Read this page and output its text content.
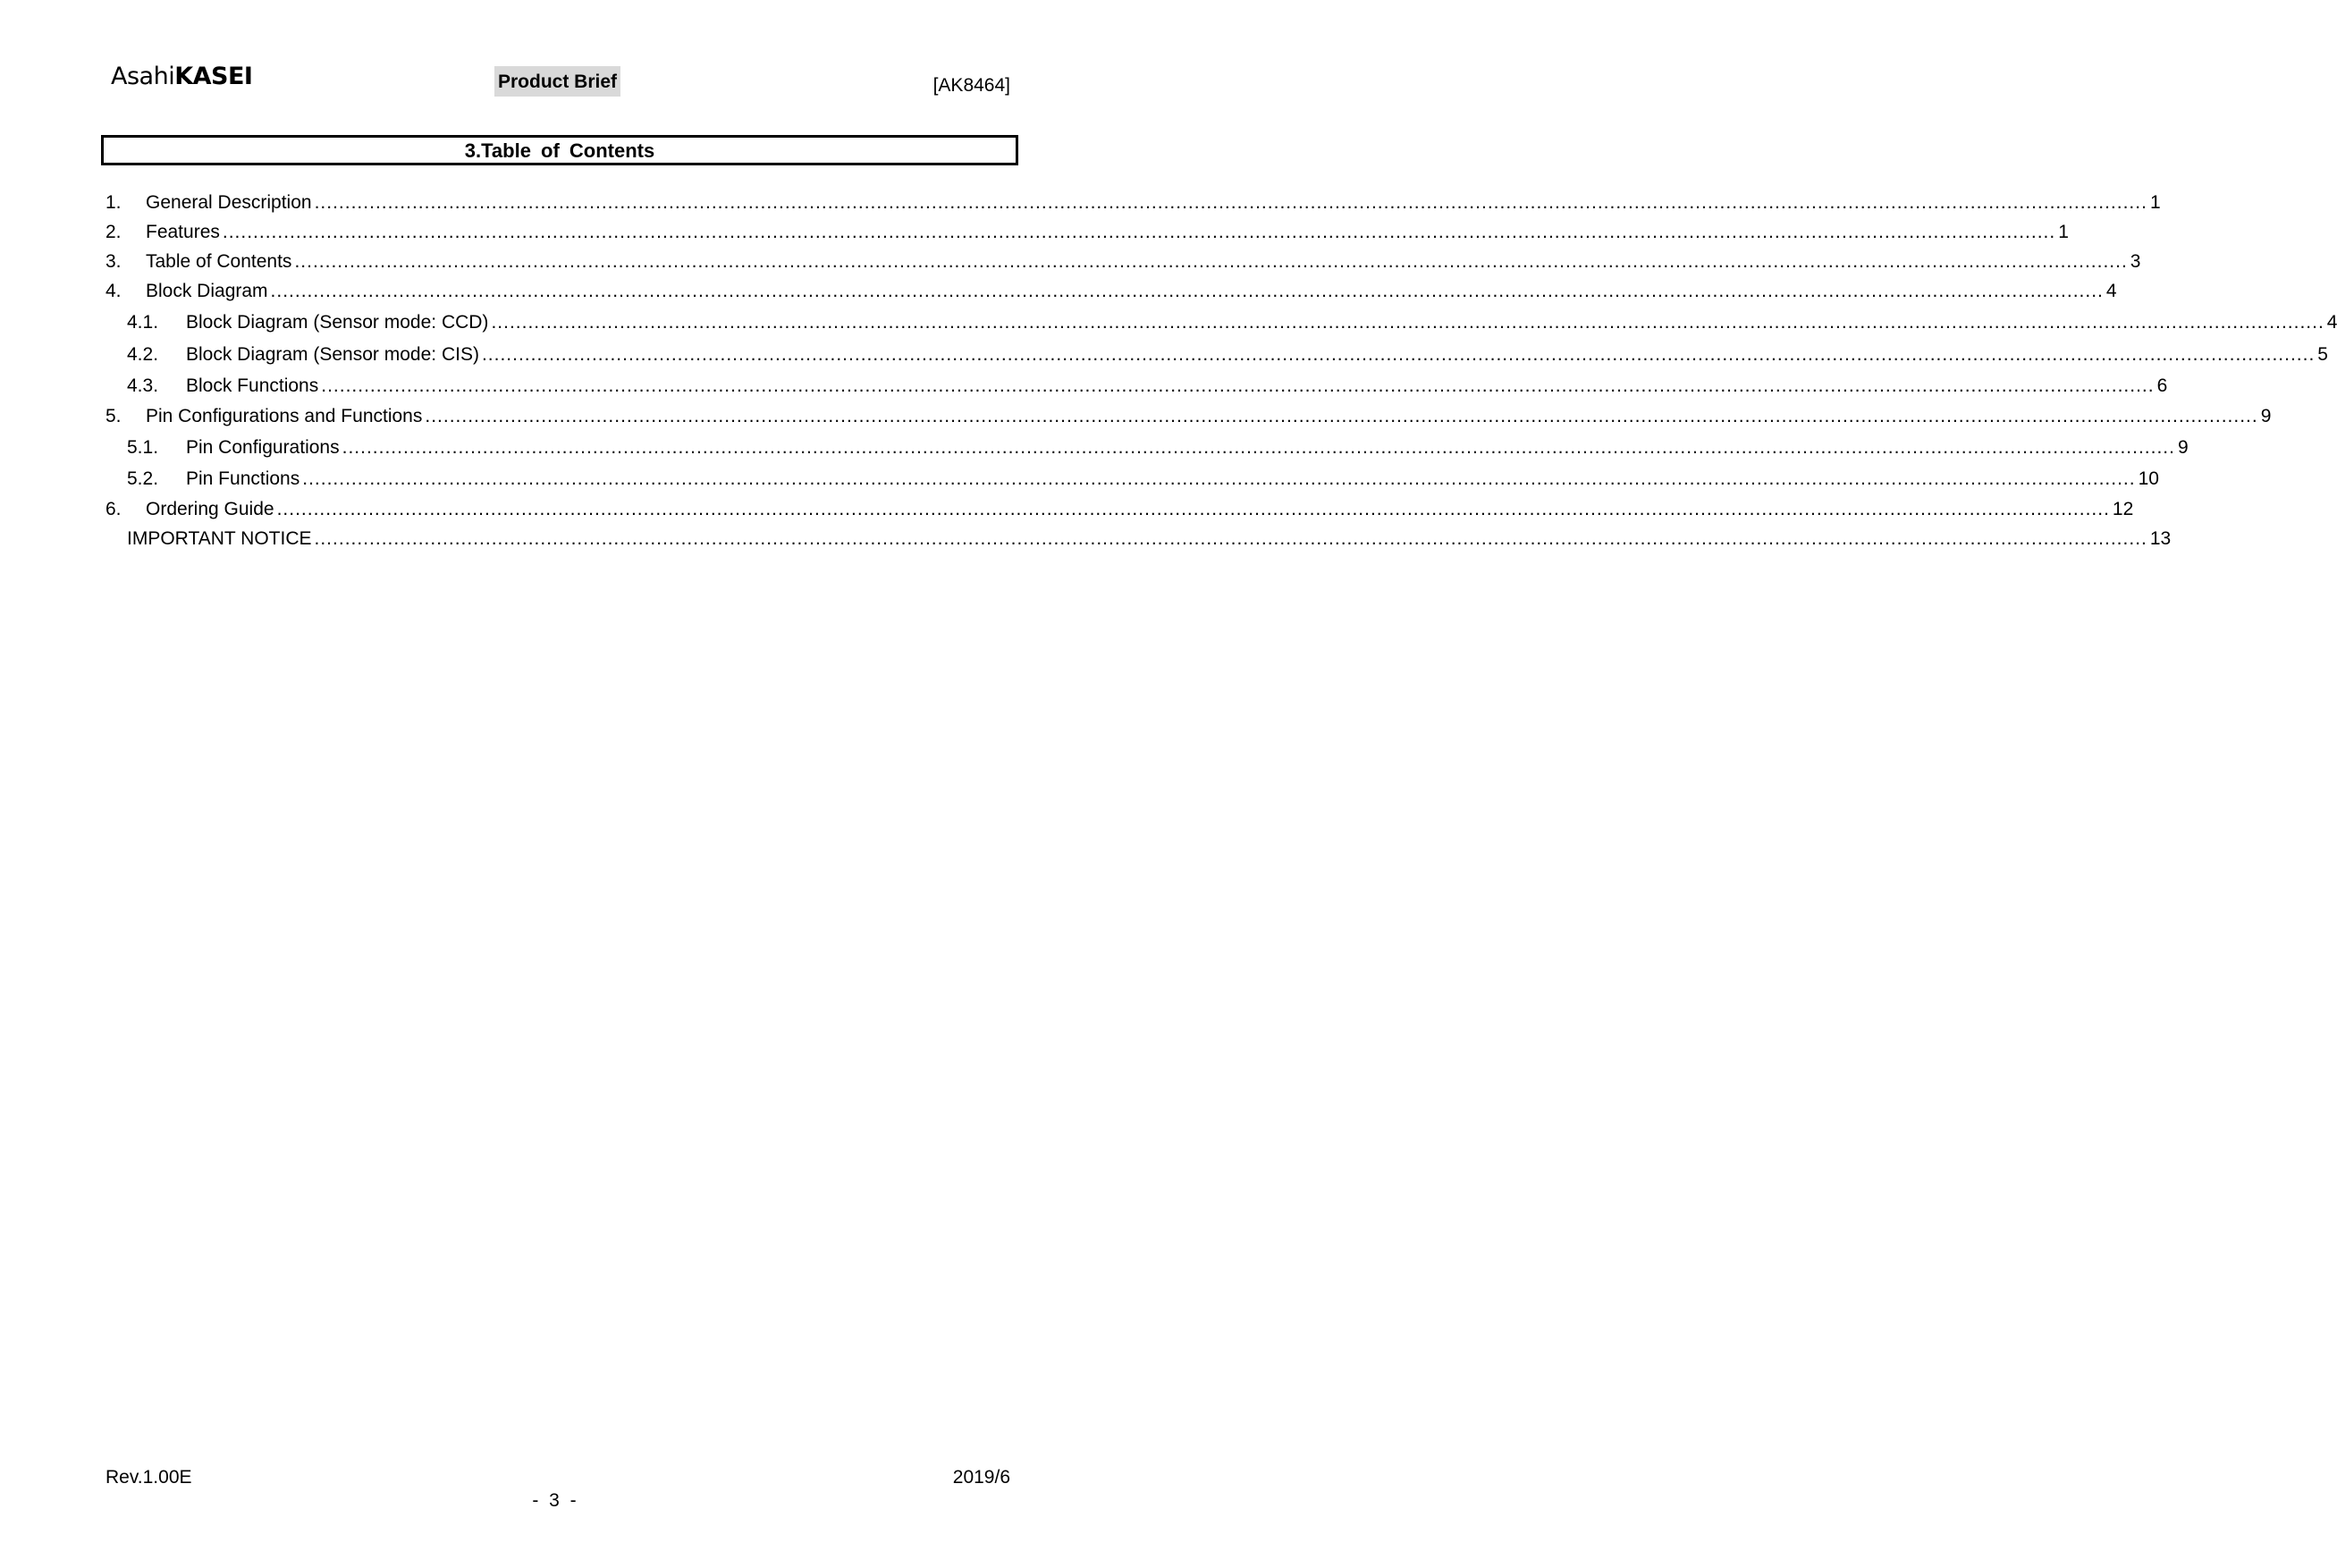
AsahiKASEI	Product Brief	[AK8464]
3.Table of Contents
1.	General Description ............................................................................................................................................................................................................................................................................................................ 1
2.	Features ............................................................................................................................................................................................................................................................................................................ 1
3.	Table of Contents ............................................................................................................................................................................................................................................................................................................ 3
4.	Block Diagram ............................................................................................................................................................................................................................................................................................................ 4
4.1.	Block Diagram (Sensor mode: CCD) ............................................................................................................................................................................................................................................................................................................ 4
4.2.	Block Diagram (Sensor mode: CIS) ............................................................................................................................................................................................................................................................................................................ 5
4.3.	Block Functions ............................................................................................................................................................................................................................................................................................................ 6
5.	Pin Configurations and Functions ............................................................................................................................................................................................................................................................................................................ 9
5.1.	Pin Configurations ............................................................................................................................................................................................................................................................................................................ 9
5.2.	Pin Functions ............................................................................................................................................................................................................................................................................................................ 10
6.	Ordering Guide ............................................................................................................................................................................................................................................................................................................ 12
IMPORTANT NOTICE ............................................................................................................................................................................................................................................................................................................ 13
Rev.1.00E	2019/6
- 3 -
